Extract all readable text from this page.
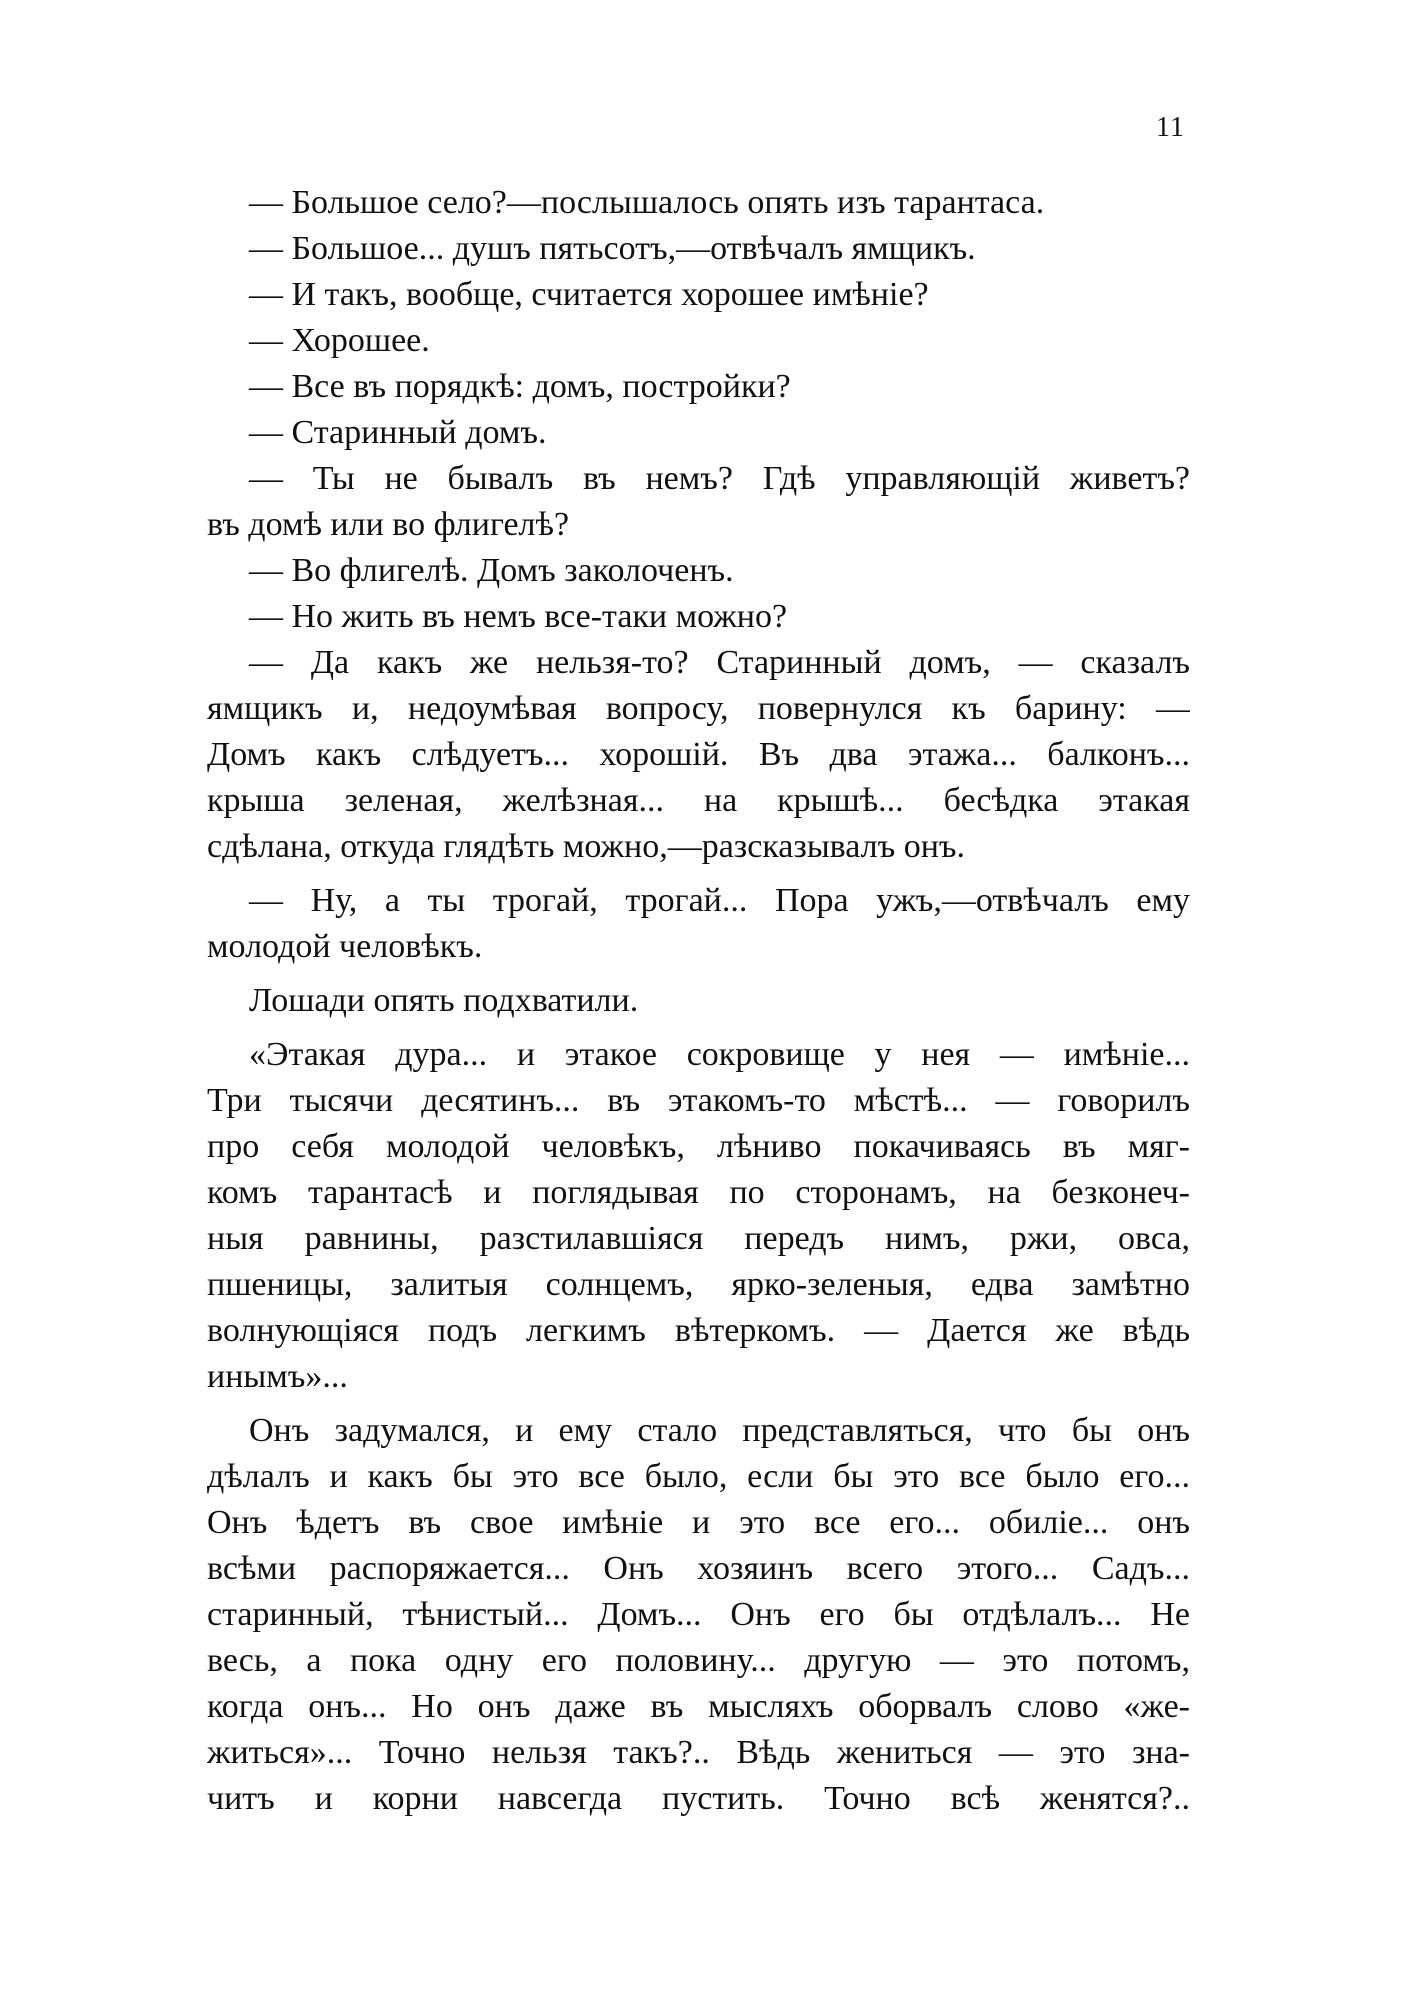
11
— Большое село?—послышалось опять изъ тарантаса.
— Большое... душъ пятьсотъ,—отвѣчалъ ямщикъ.
— И такъ, вообще, считается хорошее имѣніе?
— Хорошее.
— Все въ порядкѣ: домъ, постройки?
— Старинный домъ.
— Ты не бывалъ въ немъ? Гдѣ управляющій живетъ?
въ домѣ или во флигелѣ?
— Во флигелѣ. Домъ заколоченъ.
— Но жить въ немъ все-таки можно?
— Да какъ же нельзя-то? Старинный домъ, — сказалъ
ямщикъ и, недоумѣвая вопросу, повернулся къ барину: —
Домъ какъ слѣдуетъ... хорошій. Въ два этажа... балконъ...
крыша зеленая, желѣзная... на крышѣ... бесѣдка этакая
сдѣлана, откуда глядѣть можно,—разсказывалъ онъ.
— Ну, а ты трогай, трогай... Пора ужъ,—отвѣчалъ ему
молодой человѣкъ.
Лошади опять подхватили.
«Этакая дура... и этакое сокровище у нея — имѣніе...
Три тысячи десятинъ... въ этакомъ-то мѣстѣ... — говорилъ
про себя молодой человѣкъ, лѣниво покачиваясь въ мяг-
комъ тарантасѣ и поглядывая по сторонамъ, на безконеч-
ныя равнины, разстилавшіяся передъ нимъ, ржи, овса,
пшеницы, залитыя солнцемъ, ярко-зеленыя, едва замѣтно
волнующіяся подъ легкимъ вѣтеркомъ. — Дается же вѣдь
инымъ»...
Онъ задумался, и ему стало представляться, что бы онъ
дѣлалъ и какъ бы это все было, если бы это все было его...
Онъ ѣдетъ въ свое имѣніе и это все его... обиліе... онъ
всѣми распоряжается... Онъ хозяинъ всего этого... Садъ...
старинный, тѣнистый... Домъ... Онъ его бы отдѣлалъ... Не
весь, а пока одну его половину... другую — это потомъ,
когда онъ... Но онъ даже въ мысляхъ оборвалъ слово «же-
житься»... Точно нельзя такъ?.. Вѣдь жениться — это зна-
читъ и корни навсегда пустить. Точно всѣ женятся?..
